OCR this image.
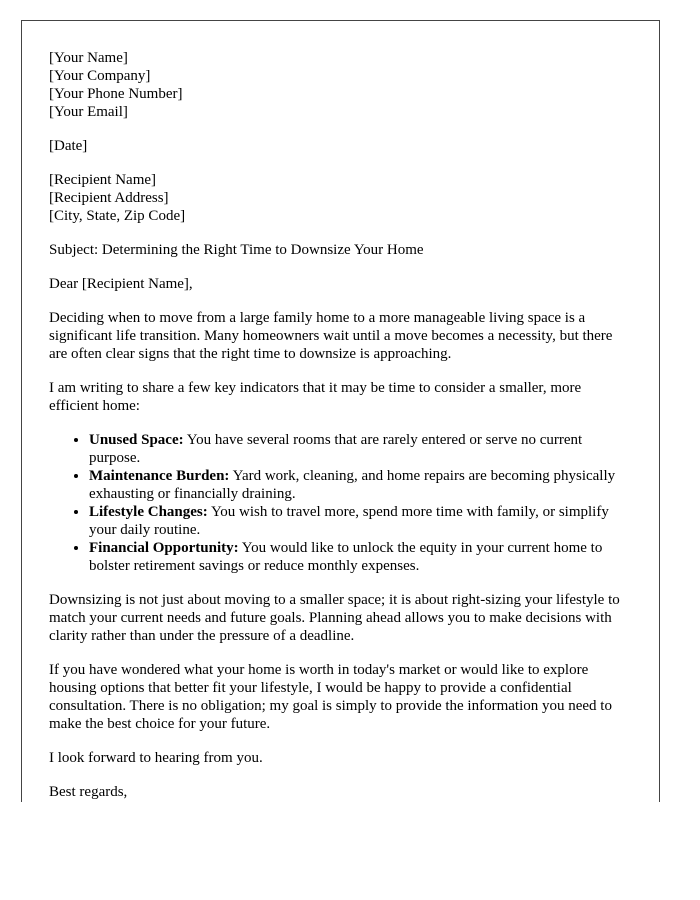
[Your Name]
[Your Company]
[Your Phone Number]
[Your Email]
[Date]
[Recipient Name]
[Recipient Address]
[City, State, Zip Code]

Subject: Determining the Right Time to Downsize Your Home

Dear [Recipient Name],

Deciding when to move from a large family home to a more manageable living space is a significant life transition. Many homeowners wait until a move becomes a necessity, but there are often clear signs that the right time to downsize is approaching.

I am writing to share a few key indicators that it may be time to consider a smaller, more efficient home:

• Unused Space: You have several rooms that are rarely entered or serve no current purpose.
• Maintenance Burden: Yard work, cleaning, and home repairs are becoming physically exhausting or financially draining.
• Lifestyle Changes: You wish to travel more, spend more time with family, or simplify your daily routine.
• Financial Opportunity: You would like to unlock the equity in your current home to bolster retirement savings or reduce monthly expenses.

Downsizing is not just about moving to a smaller space; it is about right-sizing your lifestyle to match your current needs and future goals. Planning ahead allows you to make decisions with clarity rather than under the pressure of a deadline.

If you have wondered what your home is worth in today's market or would like to explore housing options that better fit your lifestyle, I would be happy to provide a confidential consultation. There is no obligation; my goal is simply to provide the information you need to make the best choice for your future.

I look forward to hearing from you.

Best regards,
